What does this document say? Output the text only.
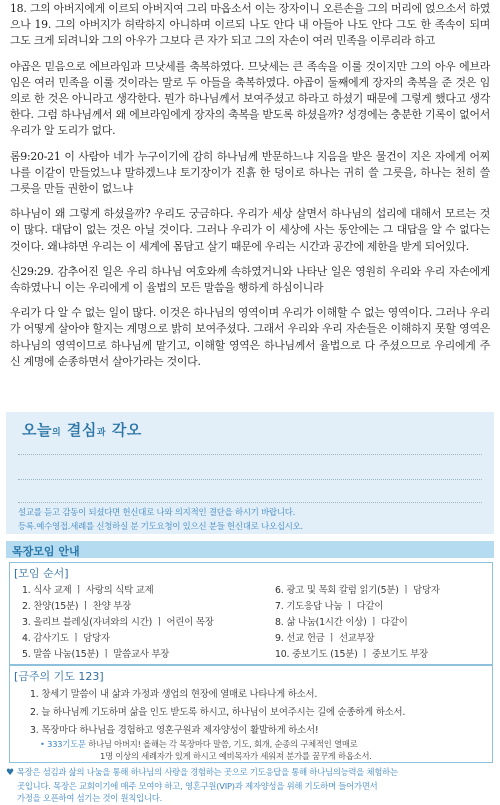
18. 그의 아버지에게 이르되 아버지여 그리 마옵소서 이는 장자이니 오른손을 그의 머리에 얹으소서 하였으나 19. 그의 아버지가 허락하지 아니하며 이르되 나도 안다 내 아들아 나도 안다 그도 한 족속이 되며 그도 크게 되려니와 그의 아우가 그보다 큰 자가 되고 그의 자손이 여러 민족을 이루리라 하고

야곱은 믿음으로 에브라임과 므낫세를 축복하였다. 므낫세는 큰 족속을 이룰 것이지만 그의 아우 에브라임은 여러 민족을 이룰 것이라는 말로 두 아들을 축복하였다. 야곱이 둘째에게 장자의 축복을 준 것은 임의로 한 것은 아니라고 생각한다. 뭔가 하나님께서 보여주셨고 하라고 하셨기 때문에 그렇게 했다고 생각한다. 그럼 하나님께서 왜 에브라임에게 장자의 축복을 받도록 하셨을까? 성경에는 충분한 기록이 없어서 우리가 알 도리가 없다.

롬9:20-21 이 사람아 네가 누구이기에 감히 하나님께 반문하느냐 지음을 받은 물건이 지은 자에게 어찌 나를 이같이 만들었느냐 말하겠느냐 토기장이가 진흙 한 덩이로 하나는 귀히 쓸 그릇을, 하나는 천히 쓸 그릇을 만들 권한이 없느냐

하나님이 왜 그렇게 하셨을까? 우리도 궁금하다. 우리가 세상 살면서 하나님의 섭리에 대해서 모르는 것이 많다. 대답이 없는 것은 아닐 것이다. 그러나 우리가 이 세상에 사는 동안에는 그 대답을 알 수 없다는 것이다. 왜냐하면 우리는 이 세계에 몸담고 살기 때문에 우리는 시간과 공간에 제한을 받게 되어있다.

신29:29. 감추어진 일은 우리 하나님 여호와께 속하였거니와 나타난 일은 영원히 우리와 우리 자손에게 속하였나니 이는 우리에게 이 율법의 모든 말씀을 행하게 하심이니라

우리가 다 알 수 없는 일이 많다. 이것은 하나님의 영역이며 우리가 이해할 수 없는 영역이다. 그러나 우리가 어떻게 살아야 할지는 계명으로 밝히 보여주셨다. 그래서 우리와 우리 자손들은 이해하지 못할 영역은 하나님의 영역이므로 하나님께 맡기고, 이해할 영역은 하나님께서 율법으로 다 주셨으므로 우리에게 주신 계명에 순종하면서 살아가라는 것이다.

오늘의 결심과 각오
설교를 듣고 감동이 되셨다면 헌신대로 나와 의지적인 결단을 하시기 바랍니다.
등록.예수영접.세례를 신청하실 분 기도요청이 있으신 분들 헌신대로 나오십시오.
목장모임 안내
[모임 순서]
1. 식사 교제 ㅣ 사랑의 식탁 교제
2. 찬양(15분) ㅣ 찬양 부장
3. 올리브 블레싱(자녀와의 시간) ㅣ 어린이 목장
4. 감사기도 ㅣ 담당자
5. 말씀 나눔(15분) ㅣ 말씀교사 부장
6. 광고 및 목회 칼럼 읽기(5분) ㅣ 담당자
7. 기도응답 나눔 ㅣ 다같이
8. 삶 나눔(1시간 이상) ㅣ 다같이
9. 선교 헌금 ㅣ 선교부장
10. 중보기도 (15분) ㅣ 중보기도 부장
[금주의 기도 123]
1. 창세기 말씀이 내 삶과 가정과 생업의 현장에 열매로 나타나게 하소서.
2. 늘 하나님께 기도하며 삶을 인도 받도록 하시고, 하나님이 보여주시는 길에 순종하게 하소서.
3. 목장마다 하나님을 경험하고 영혼구원과 제자양성이 활발하게 하소서!
• 333기도문 하나님 아버지! 올해는 각 목장마다 말씀, 기도, 회개, 순종의 구체적인 열매로
1명 이상의 세례자가 있게 하시고 예비목자가 세워져 분가를 꿈꾸게 하옵소서.
♥ 목장은 섬김과 삶의 나눔을 통해 하나님의 사랑을 경험하는 곳으로 기도응답을 통해 하나님의능력을 체험하는
곳입니다. 목장은 교회이기에 매주 모여야 하고, 영혼구원(VIP)과 제자양성을 위해 기도하며 들어가면서
가정을 오픈하여 섬기는 것이 원칙입니다.
